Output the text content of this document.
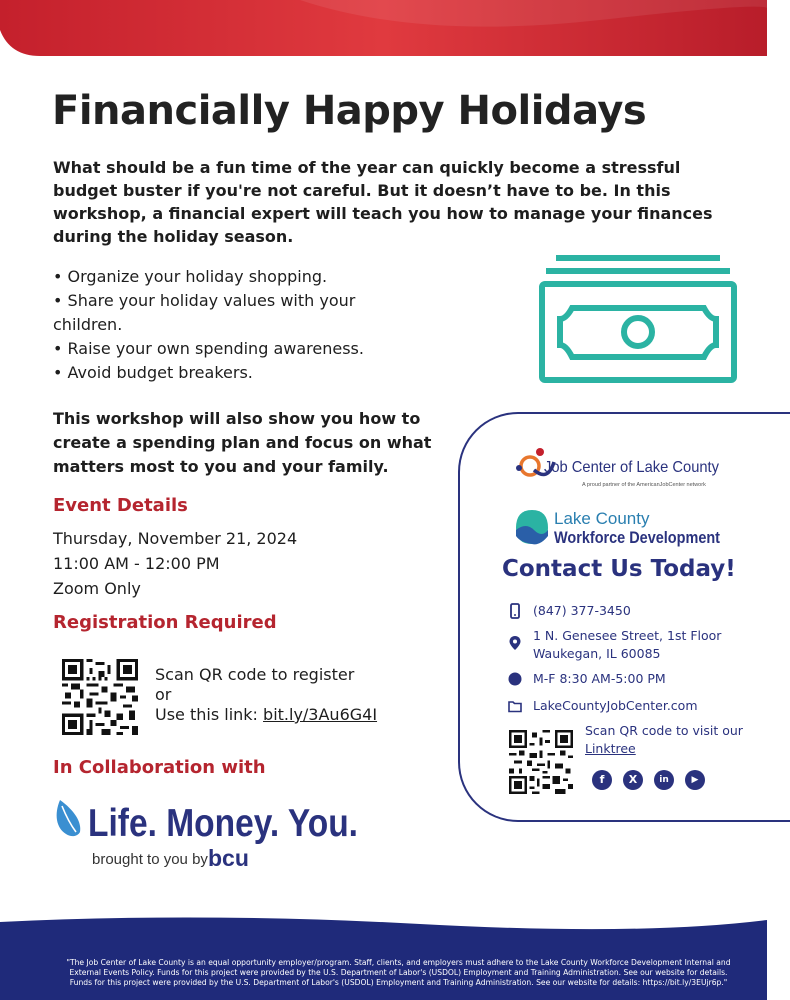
Financially Happy Holidays

What should be a fun time of the year can quickly become a stressful budget buster if you're not careful. But it doesn’t have to be. In this workshop, a financial expert will teach you how to manage your finances during the holiday season.

• Organize your holiday shopping.
• Share your holiday values with your children.
• Raise your own spending awareness.
• Avoid budget breakers.

This workshop will also show you how to create a spending plan and focus on what matters most to you and your family.

Event Details
Thursday, November 21, 2024
11:00 AM - 12:00 PM
Zoom Only
Registration Required
Scan QR code to register
or
Use this link: bit.ly/3Au6G4I
In Collaboration with
Life. Money. You.
brought to you by bcu
Job Center of Lake County
A proud partner of the AmericanJobCenter network
Lake County
Workforce Development
Contact Us Today!
(847) 377-3450
1 N. Genesee Street, 1st Floor
Waukegan, IL 60085
M-F 8:30 AM-5:00 PM
LakeCountyJobCenter.com
Scan QR code to visit our
Linktree
f	X	in	▶
"The Job Center of Lake County is an equal opportunity employer/program. Staff, clients, and employers must adhere to the Lake County Workforce Development Internal and External Events Policy. Funds for this project were provided by the U.S. Department of Labor's (USDOL) Employment and Training Administration. See our website for details. Funds for this project were provided by the U.S. Department of Labor's (USDOL) Employment and Training Administration. See our website for details: https://bit.ly/3EUjr6p."
